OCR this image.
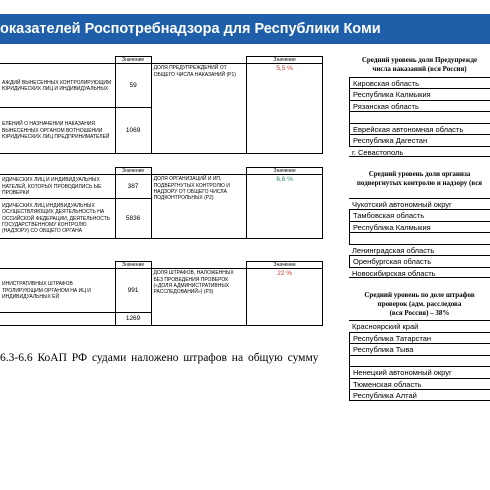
оказателей Роспотребнадзора для Республики Коми
	Значение		Значение
АЖДИЙ ВЫНЕСЕННЫХ КОНТРОЛИРУЮЩИМ ЮРИДИЧЕСКИХ ЛИЦ И ИНДИВИДУАЛЬНЫХ	59	ДОЛЯ ПРЕДУПРЕЖДЕНИЙ ОТ ОБЩЕГО ЧИСЛА НАКАЗАНИЙ (P1)	5,5 %
ЕЛЕНИЙ О НАЗНАЧЕНИИ НАКАЗАНИЯ ВЫНЕСЕННЫХ ОРГАНОМ ВОТНОШЕНИИ ЮРИДИЧЕСКИХ ЛИЦ ПРЕДПРИНИМАТЕЛЕЙ	1069		
	Значение		Значение
ИДИЧЕСКИХ ЛИЦ И ИНДИВИДУАЛЬНЫХ НАТЕЛЕЙ, КОТОРЫХ ПРОВОДИЛИСЬ ЫЕ ПРОВЕРКИ	387	ДОЛЯ ОРГАНИЗАЦИЙ И ИП, ПОДВЕРГНУТЫХ КОНТРОЛЮ И НАДЗОРУ ОТ ОБЩЕГО ЧИСЛА ПОДКОНТРОЛЬНЫХ (P2)	6,6 %
ИДИЧЕСКИХ ЛИЦ ИНДИВИДУАЛЬНЫХ ОСУЩЕСТВЛЯЮЩИХ ДЕЯТЕЛЬНОСТЬ НА ОССИЙСКОЙ ФЕДЕРАЦИИ, ДЕЯТЕЛЬНОСТЬ ГОСУДАРСТВЕННОМУ КОНТРОЛЮ (НАДЗОРУ) СО ОБЩЕГО ОРГАНА	5836		
	Значение		Значение
ИНИСТРАТИВНЫХ ШТРАФОВ ТРОЛИРУЮЩИМ ОРГАНОМ НА ИЦ И ИНДИВИДУАЛЬНЫХ ЕЙ	991	ДОЛЯ ШТРАФОВ, НАЛОЖЕННЫХ БЕЗ ПРОВЕДЕНИЯ ПРОВЕРОК («ДОЛЯ АДМИНИСТРАТИВНЫХ РАССЛЕДОВАНИЙ») (P3)	22 %
	1269		
6.3-6.6 КоАП РФ судами наложено штрафов на общую сумму
Средний уровень доли Предупрежде
числа наказаний (вся Россия)
Кировская область
Республика Калмыкия
Рязанская область
Еврейская автономная область
Республика Дагестан
г. Севастополь
Средний уровень доли организа
подвергнутых контролю и надзору (вся
Чукотский автономный округ
Тамбовская область
Республика Калмыкия
Ленинградская область
Оренбургская область
Новосибирская область
Средний уровень по доле штрафов
проверок (адм. расследова
(вся Россия) – 38%
Красноярский край
Республика Татарстан
Республика Тыва
Ненецкий автономный округ
Тюменская область
Республика Алтай
